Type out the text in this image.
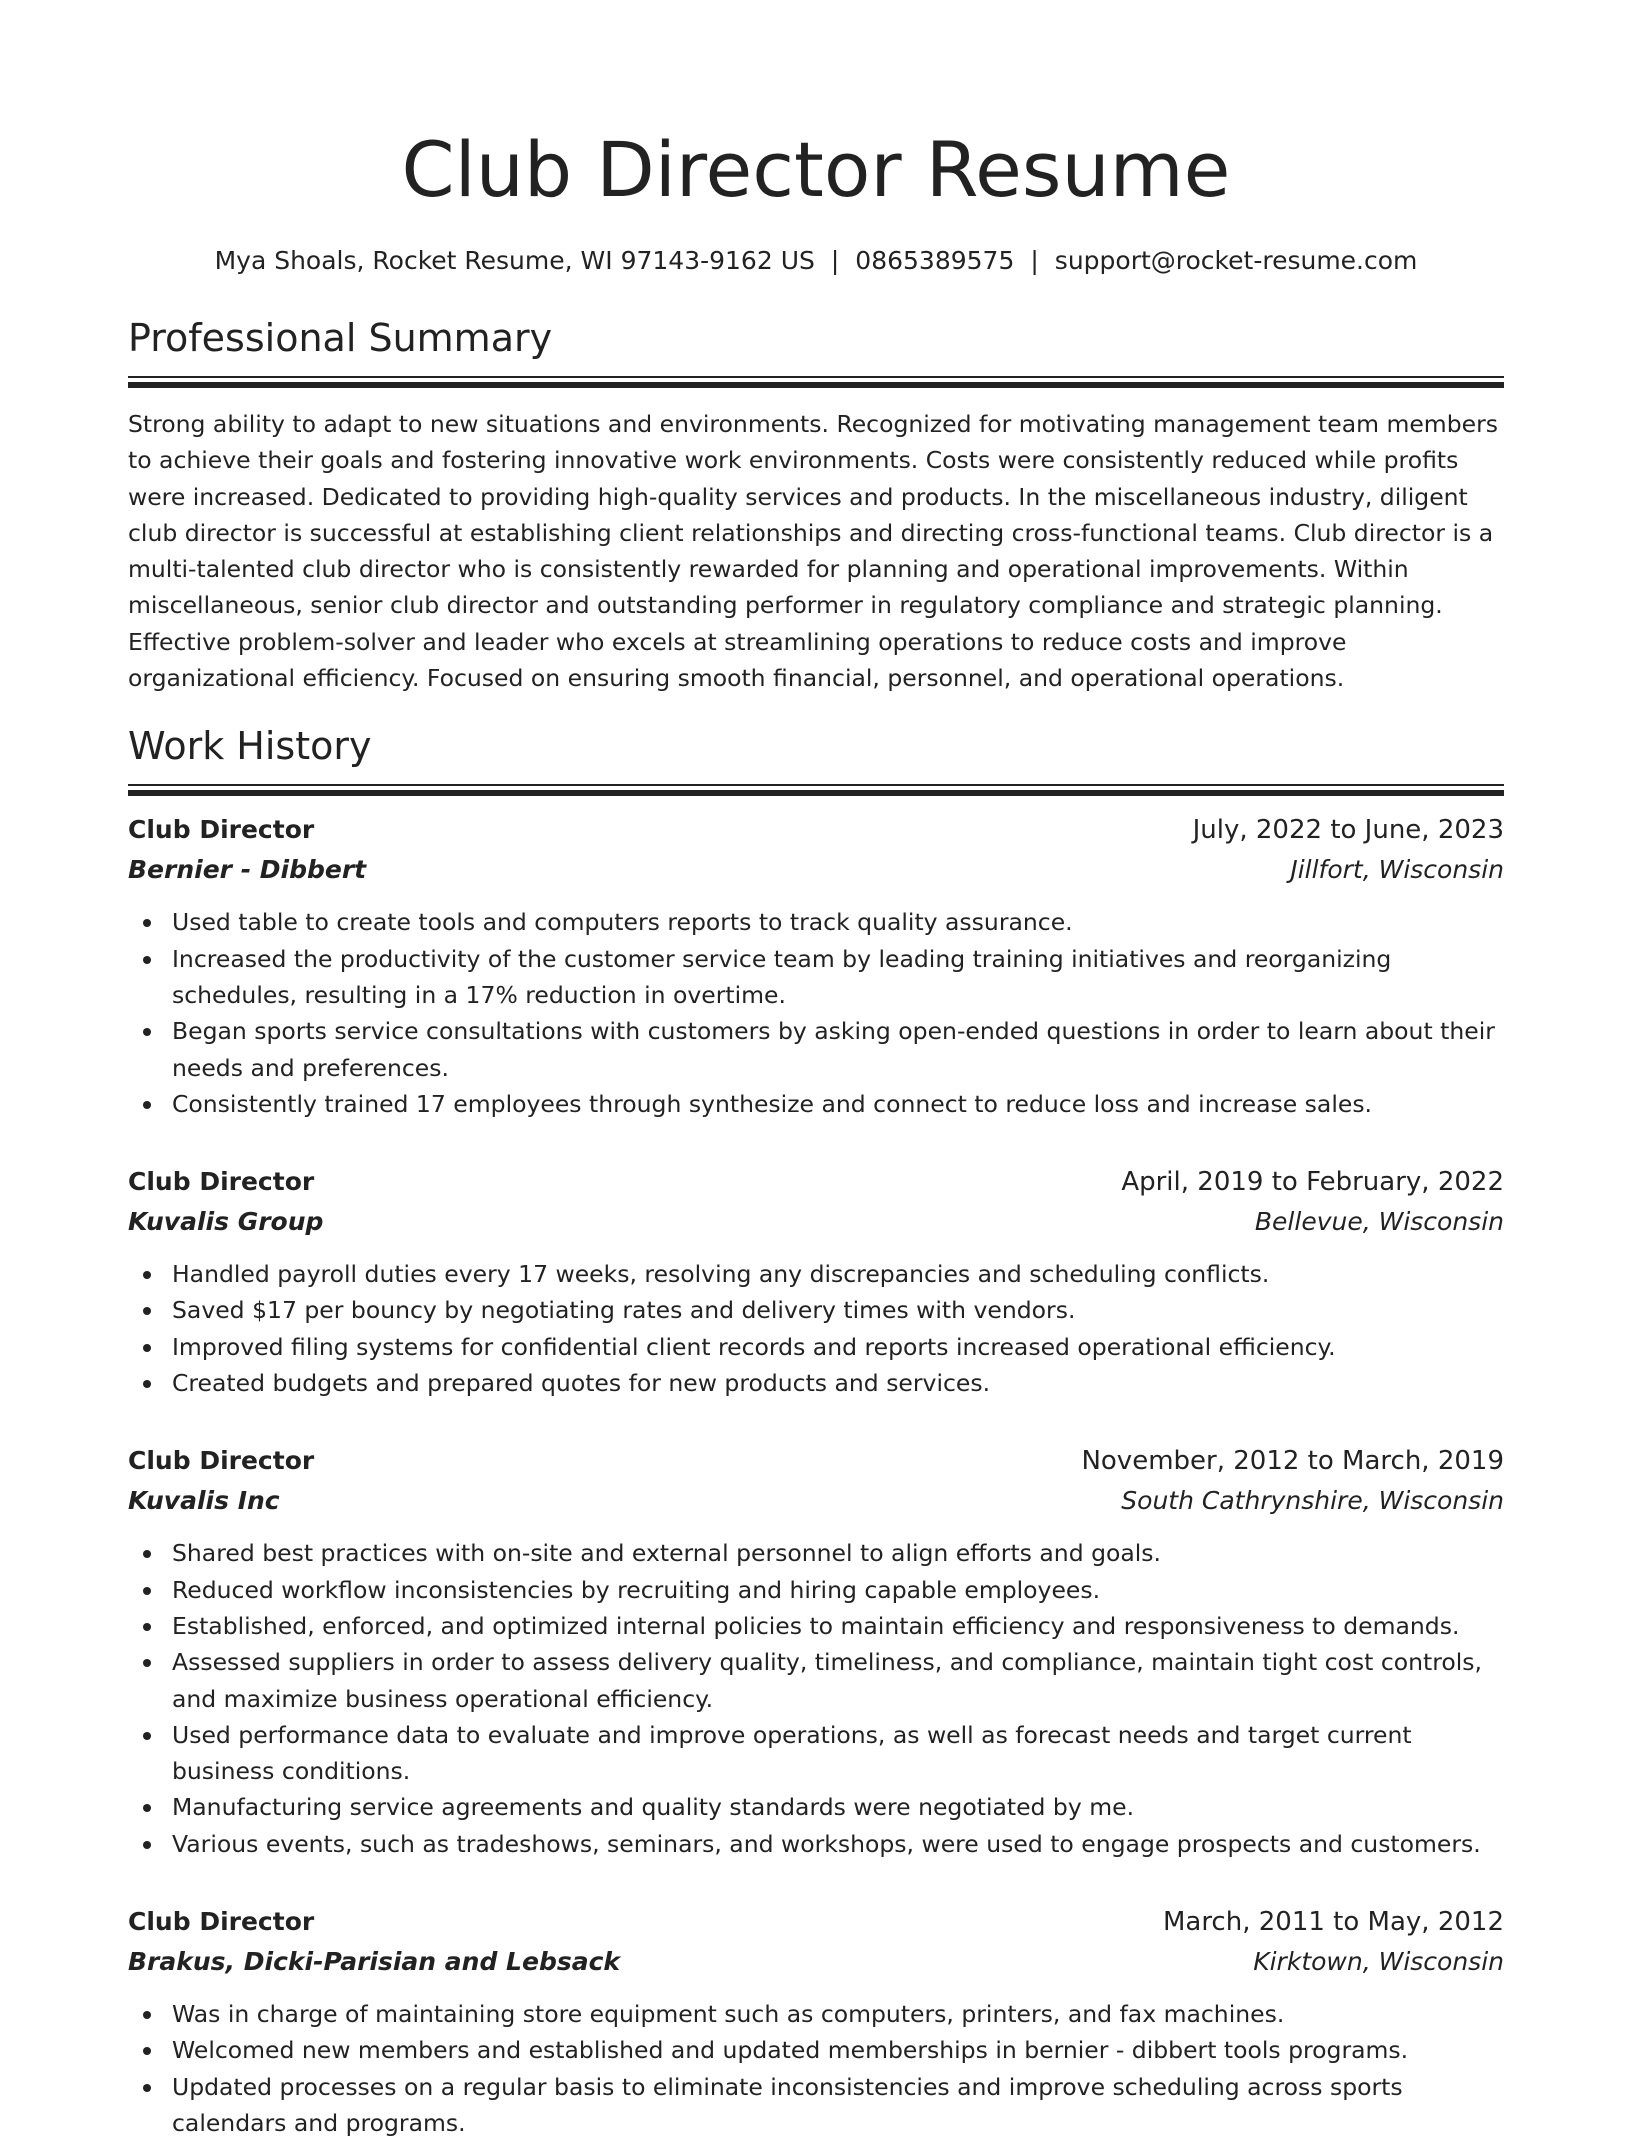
Club Director Resume
Mya Shoals, Rocket Resume, WI 97143-9162 US | 0865389575 | support@rocket-resume.com
Professional Summary

Strong ability to adapt to new situations and environments. Recognized for motivating management team members to achieve their goals and fostering innovative work environments. Costs were consistently reduced while profits were increased. Dedicated to providing high-quality services and products. In the miscellaneous industry, diligent club director is successful at establishing client relationships and directing cross-functional teams. Club director is a multi-talented club director who is consistently rewarded for planning and operational improvements. Within miscellaneous, senior club director and outstanding performer in regulatory compliance and strategic planning. Effective problem-solver and leader who excels at streamlining operations to reduce costs and improve organizational efficiency. Focused on ensuring smooth financial, personnel, and operational operations.

Work History
Club Director	July, 2022 to June, 2023
Bernier - Dibbert	Jillfort, Wisconsin
Used table to create tools and computers reports to track quality assurance.
Increased the productivity of the customer service team by leading training initiatives and reorganizing schedules, resulting in a 17% reduction in overtime.
Began sports service consultations with customers by asking open-ended questions in order to learn about their needs and preferences.
Consistently trained 17 employees through synthesize and connect to reduce loss and increase sales.
Club Director	April, 2019 to February, 2022
Kuvalis Group	Bellevue, Wisconsin
Handled payroll duties every 17 weeks, resolving any discrepancies and scheduling conflicts.
Saved $17 per bouncy by negotiating rates and delivery times with vendors.
Improved filing systems for confidential client records and reports increased operational efficiency.
Created budgets and prepared quotes for new products and services.
Club Director	November, 2012 to March, 2019
Kuvalis Inc	South Cathrynshire, Wisconsin
Shared best practices with on-site and external personnel to align efforts and goals.
Reduced workflow inconsistencies by recruiting and hiring capable employees.
Established, enforced, and optimized internal policies to maintain efficiency and responsiveness to demands.
Assessed suppliers in order to assess delivery quality, timeliness, and compliance, maintain tight cost controls, and maximize business operational efficiency.
Used performance data to evaluate and improve operations, as well as forecast needs and target current business conditions.
Manufacturing service agreements and quality standards were negotiated by me.
Various events, such as tradeshows, seminars, and workshops, were used to engage prospects and customers.
Club Director	March, 2011 to May, 2012
Brakus, Dicki-Parisian and Lebsack	Kirktown, Wisconsin
Was in charge of maintaining store equipment such as computers, printers, and fax machines.
Welcomed new members and established and updated memberships in bernier - dibbert tools programs.
Updated processes on a regular basis to eliminate inconsistencies and improve scheduling across sports calendars and programs.
